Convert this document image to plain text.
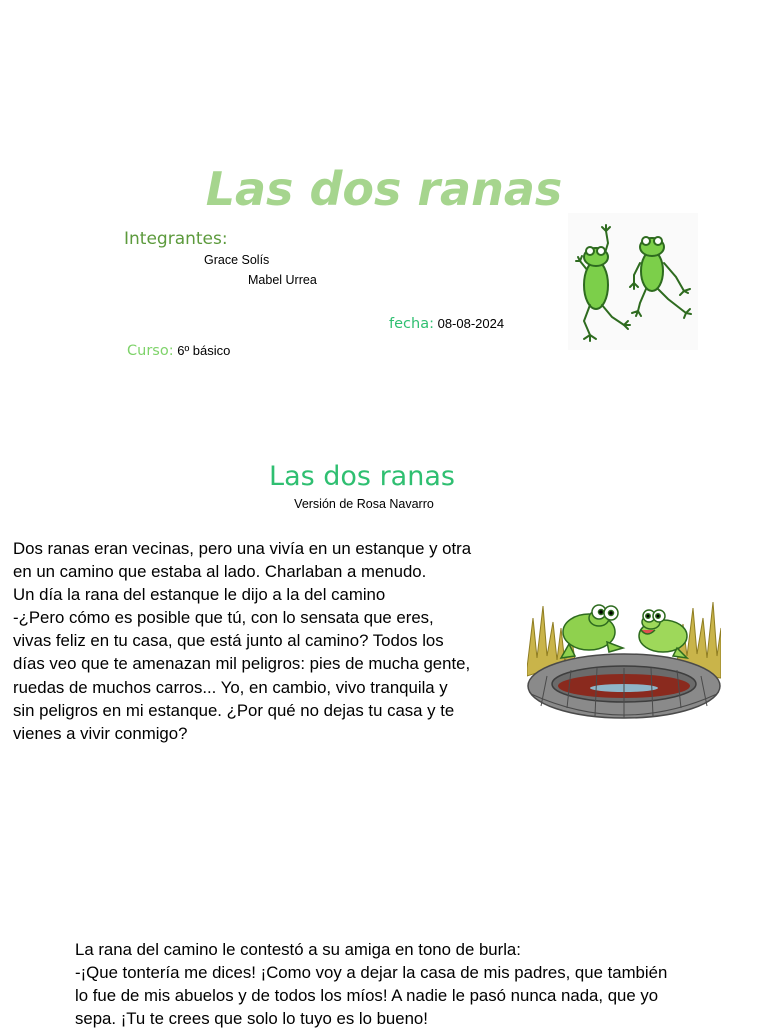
Las dos ranas
Integrantes:
Grace Solís
Mabel Urrea
fecha: 08-08-2024
Curso: 6º básico
Las dos ranas
Versión de Rosa Navarro
Dos ranas eran vecinas, pero una vivía en un estanque y otra
en un camino que estaba al lado. Charlaban a menudo.
Un día la rana del estanque le dijo a la del camino
-¿Pero cómo es posible que tú, con lo sensata que eres,
vivas feliz en tu casa, que está junto al camino? Todos los
días veo que te amenazan mil peligros: pies de mucha gente,
ruedas de muchos carros... Yo, en cambio, vivo tranquila y
sin peligros en mi estanque. ¿Por qué no dejas tu casa y te
vienes a vivir conmigo?
La rana del camino le contestó a su amiga en tono de burla:
-¡Que tontería me dices! ¡Como voy a dejar la casa de mis padres, que también
lo fue de mis abuelos y de todos los míos! A nadie le pasó nunca nada, que yo
sepa. ¡Tu te crees que solo lo tuyo es lo bueno!
